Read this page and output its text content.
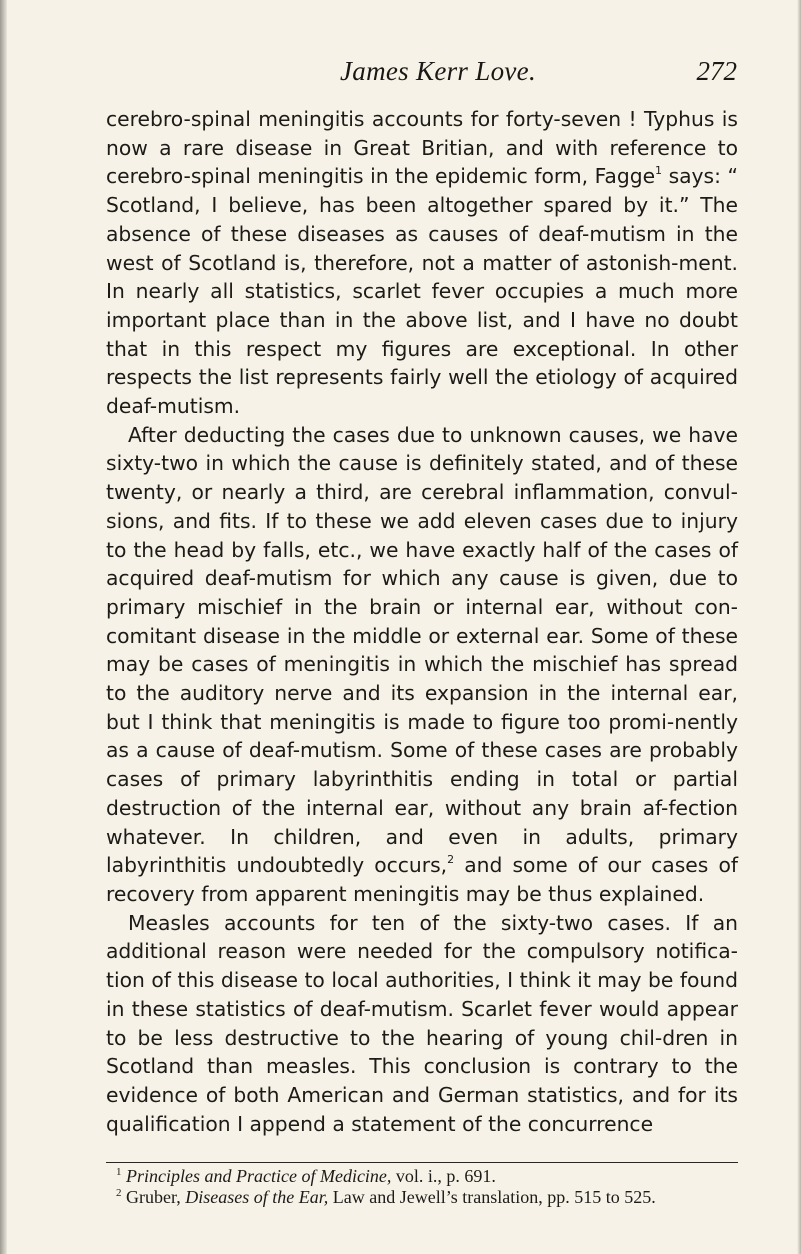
James Kerr Love.	272

cerebro-spinal meningitis accounts for forty-seven ! Typhus is now a rare disease in Great Britian, and with reference to cerebro-spinal meningitis in the epidemic form, Fagge$^1$ says: “ Scotland, I believe, has been altogether spared by it.” The absence of these diseases as causes of deaf-mutism in the west of Scotland is, therefore, not a matter of astonish-ment. In nearly all statistics, scarlet fever occupies a much more important place than in the above list, and I have no doubt that in this respect my figures are exceptional. In other respects the list represents fairly well the etiology of acquired deaf-mutism.

After deducting the cases due to unknown causes, we have sixty-two in which the cause is definitely stated, and of these twenty, or nearly a third, are cerebral inflammation, convul-sions, and fits. If to these we add eleven cases due to injury to the head by falls, etc., we have exactly half of the cases of acquired deaf-mutism for which any cause is given, due to primary mischief in the brain or internal ear, without con-comitant disease in the middle or external ear. Some of these may be cases of meningitis in which the mischief has spread to the auditory nerve and its expansion in the internal ear, but I think that meningitis is made to figure too promi-nently as a cause of deaf-mutism. Some of these cases are probably cases of primary labyrinthitis ending in total or partial destruction of the internal ear, without any brain af-fection whatever. In children, and even in adults, primary labyrinthitis undoubtedly occurs,$^2$ and some of our cases of recovery from apparent meningitis may be thus explained.

Measles accounts for ten of the sixty-two cases. If an additional reason were needed for the compulsory notifica-tion of this disease to local authorities, I think it may be found in these statistics of deaf-mutism. Scarlet fever would appear to be less destructive to the hearing of young chil-dren in Scotland than measles. This conclusion is contrary to the evidence of both American and German statistics, and for its qualification I append a statement of the concurrence

$^1$ Principles and Practice of Medicine, vol. i., p. 691.

$^2$ Gruber, Diseases of the Ear, Law and Jewell’s translation, pp. 515 to 525.
